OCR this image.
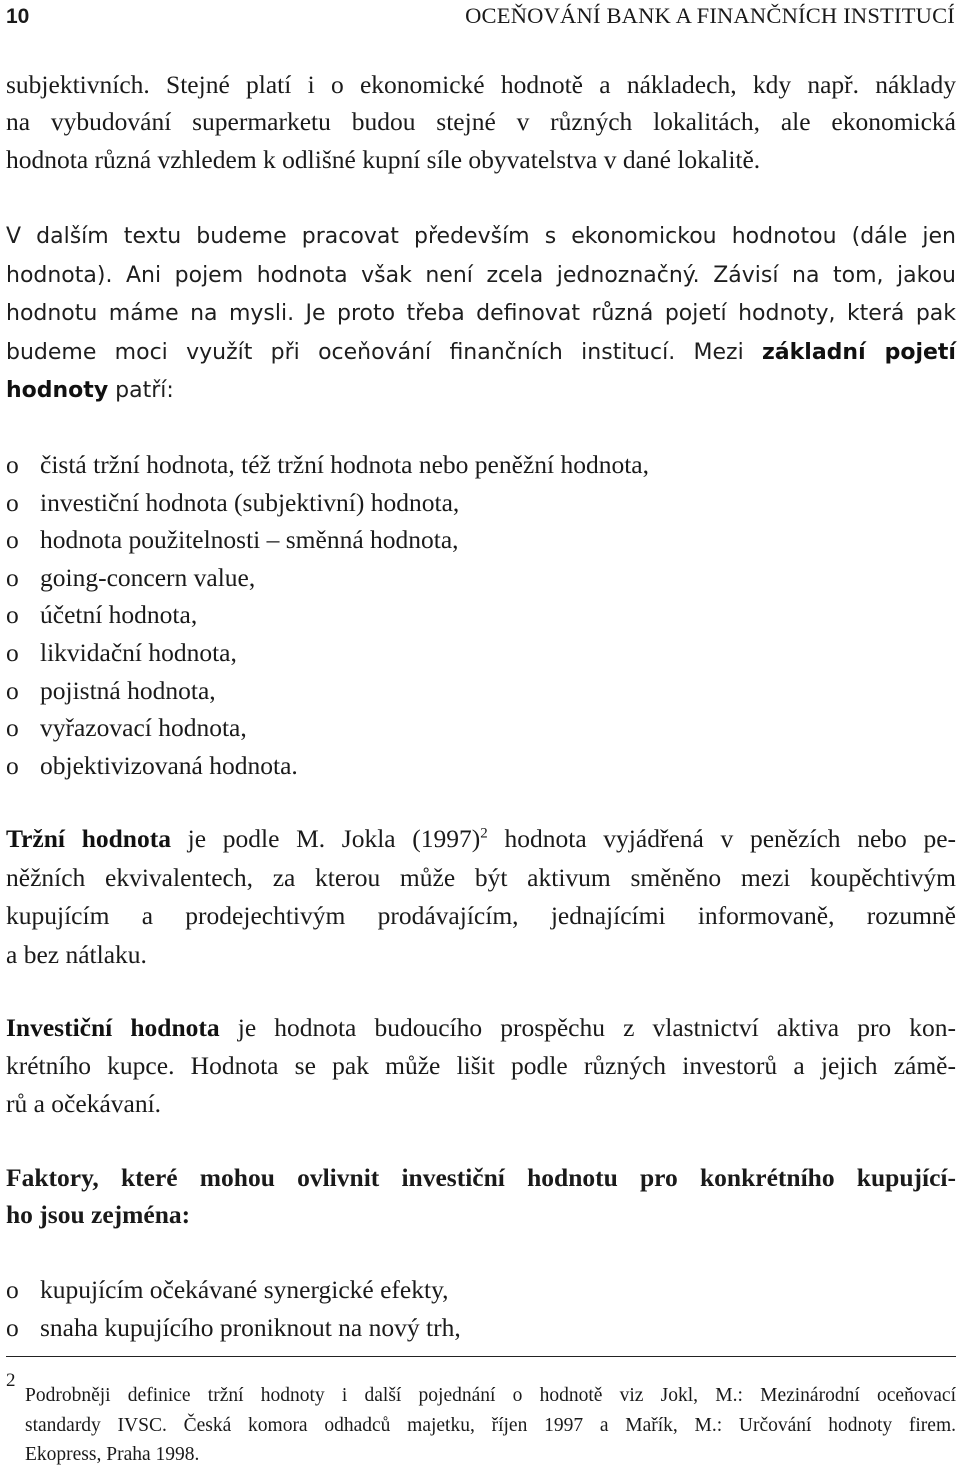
10	OCEŇOVÁNÍ BANK A FINANČNÍCH INSTITUCÍ
subjektivních. Stejné platí i o ekonomické hodnotě a nákladech, kdy např. náklady
na vybudování supermarketu budou stejné v různých lokalitách, ale ekonomická
hodnota různá vzhledem k odlišné kupní síle obyvatelstva v dané lokalitě.
V dalším textu budeme pracovat především s ekonomickou hodnotou (dále jen
hodnota). Ani pojem hodnota však není zcela jednoznačný. Závisí na tom, jakou
hodnotu máme na mysli. Je proto třeba definovat různá pojetí hodnoty, která pak
budeme moci využít při oceňování finančních institucí. Mezi základní pojetí
hodnoty patří:
o čistá tržní hodnota, též tržní hodnota nebo peněžní hodnota,
o investiční hodnota (subjektivní) hodnota,
o hodnota použitelnosti – směnná hodnota,
o going-concern value,
o účetní hodnota,
o likvidační hodnota,
o pojistná hodnota,
o vyřazovací hodnota,
o objektivizovaná hodnota.
Tržní hodnota je podle M. Jokla $(1997)^2$ hodnota vyjádřená v penězích nebo pe-
něžních ekvivalentech, za kterou může být aktivum směněno mezi koupěchtivým
kupujícím a prodejechtivým prodávajícím, jednajícími informovaně, rozumně
a bez nátlaku.
Investiční hodnota je hodnota budoucího prospěchu z vlastnictví aktiva pro kon-
krétního kupce. Hodnota se pak může lišit podle různých investorů a jejich zámě-
rů a očekávaní.
Faktory, které mohou ovlivnit investiční hodnotu pro konkrétního kupující-
ho jsou zejména:
o kupujícím očekávané synergické efekty,
o snaha kupujícího proniknout na nový trh,
2
Podrobněji definice tržní hodnoty i další pojednání o hodnotě viz Jokl, M.: Mezinárodní oceňovací
standardy IVSC. Česká komora odhadců majetku, říjen 1997 a Mařík, M.: Určování hodnoty firem.
Ekopress, Praha 1998.
